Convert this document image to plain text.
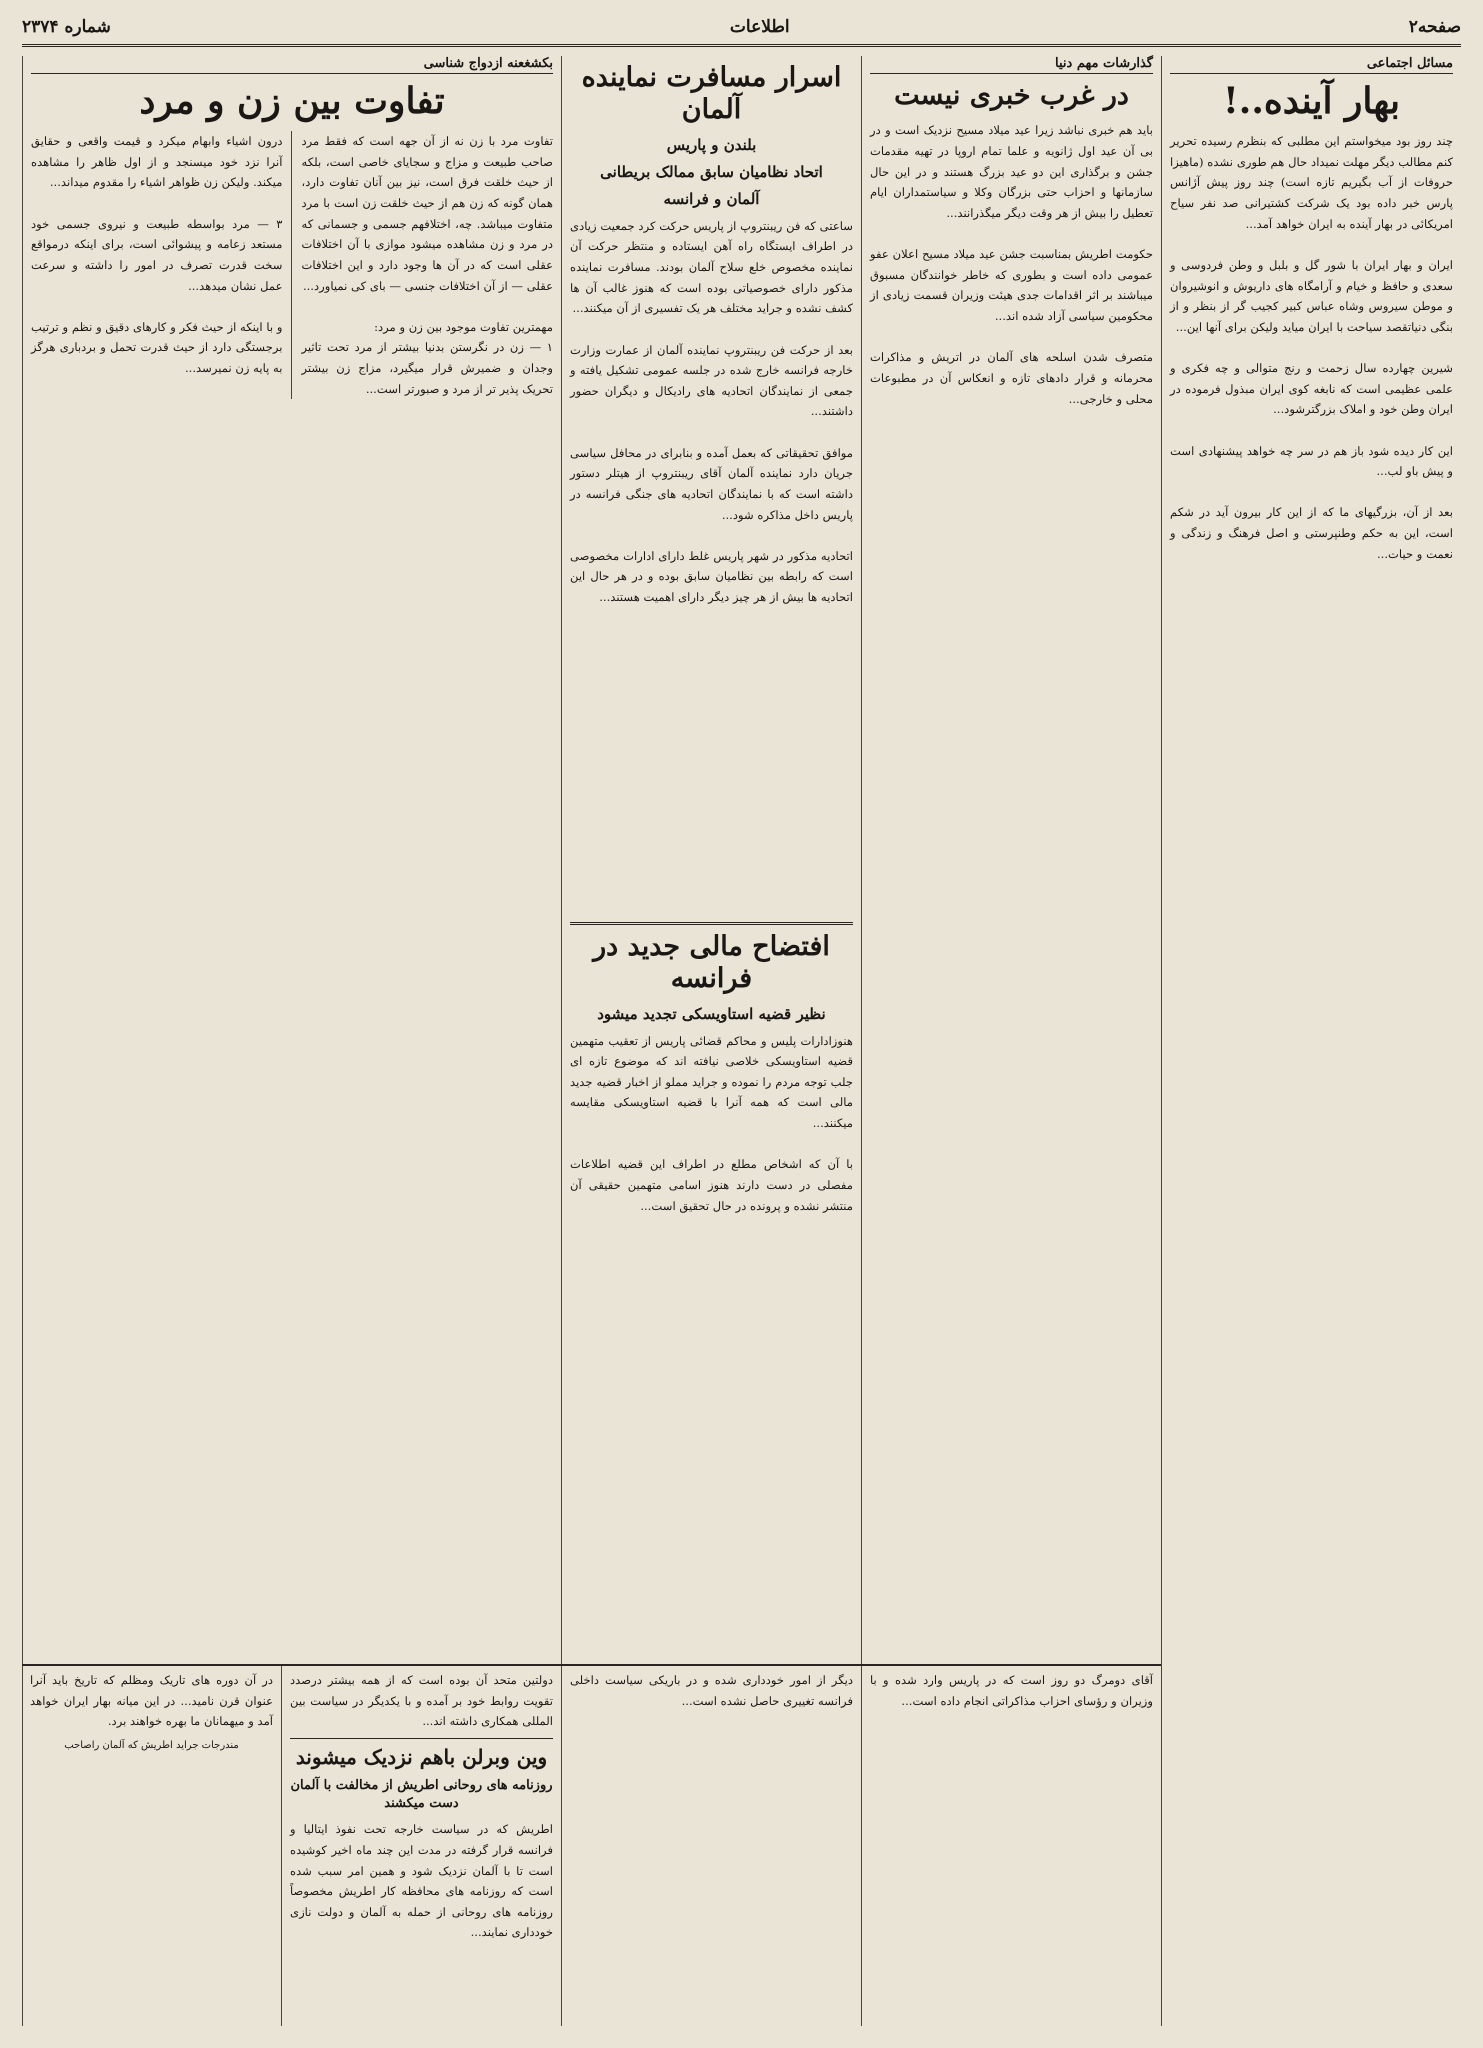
صفحه۲
اطلاعات
شماره ۲۳۷۴
مسائل اجتماعی
بهار آینده..!
چند روز بود میخواستم این مطلبی که بنظرم رسیده تحریر کنم مطالب دیگر مهلت نمیداد حال هم طوری نشده (ماهیزا حروفات از آب بگیریم تازه است) چند روز پیش آژانس پارس خبر داده بود یک شرکت کشتیرانی صد نفر سیاح امریکائی در بهار آینده به ایران خواهد آمد...

ایران و بهار ایران با شور گل و بلبل و وطن فردوسی و سعدی و حافظ و خیام و آرامگاه های داریوش و انوشیروان و موطن سیروس وشاه عباس کبیر کجیب گر از بنظر و از بنگی دنیاتقصد سیاحت با ایران میاید ولیکن برای آنها این...

شیرین چهارده سال زحمت و رنج متوالی و چه فکری و علمی عظیمی است که نابغه کوی ایران مبذول فرموده در ایران وطن خود و املاک بزرگترشود...

این کار دیده شود باز هم در سر چه خواهد پیشنهادی است و پیش باو لب...

بعد از آن، بزرگیهای ما که از این کار بیرون آید در شکم است، این به حکم وطنپرستی و اصل فرهنگ و زندگی و نعمت و حیات...
گذارشات مهم دنیا
در غرب خبری نیست
باید هم خبری نباشد زیرا عید میلاد مسیح نزدیک است و در بی آن عید اول ژانویه و علما تمام اروپا در تهیه مقدمات جشن و برگذاری این دو عید بزرگ هستند و در این حال سازمانها و احزاب حتی بزرگان وکلا و سیاستمداران ایام تعطیل را بیش از هر وقت دیگر میگذرانند...

حکومت اطریش بمناسبت جشن عید میلاد مسیح اعلان عفو عمومی داده است و بطوری که خاطر خوانندگان مسبوق میباشند بر اثر اقدامات جدی هیئت وزیران قسمت زیادی از محکومین سیاسی آزاد شده اند...

متصرف شدن اسلحه های آلمان در اتریش و مذاکرات محرمانه و قرار دادهای تازه و انعکاس آن در مطبوعات محلی و خارجی...
اسرار مسافرت نماینده آلمان
بلندن و پاریس
اتحاد نظامیان سابق ممالک بریطانی
آلمان و فرانسه
ساعتی که فن ریبنتروپ از پاریس حرکت کرد جمعیت زیادی در اطراف ایستگاه راه آهن ایستاده و منتظر حرکت آن نماینده مخصوص خلع سلاح آلمان بودند. مسافرت نماینده مذکور دارای خصوصیاتی بوده است که هنوز غالب آن ها کشف نشده و جراید مختلف هر یک تفسیری از آن میکنند...

بعد از حرکت فن ریبنتروپ نماینده آلمان از عمارت وزارت خارجه فرانسه خارج شده در جلسه عمومی تشکیل یافته و جمعی از نمایندگان اتحادیه های رادیکال و دیگران حضور داشتند...

موافق تحقیقاتی که بعمل آمده و بنابرای در محافل سیاسی جریان دارد نماینده آلمان آقای ریبنتروپ از هیتلر دستور داشته است که با نمایندگان اتحادیه های جنگی فرانسه در پاریس داخل مذاکره شود...

اتحادیه مذکور در شهر پاریس غلط دارای ادارات مخصوصی است که رابطه بین نظامیان سابق بوده و در هر حال این اتحادیه ها بیش از هر چیز دیگر دارای اهمیت هستند...
افتضاح مالی جدید در فرانسه
نظیر قضیه استاویسکی تجدید میشود
هنوزادارات پلیس و محاکم قضائی پاریس از تعقیب متهمین قضیه استاویسکی خلاصی نیافته اند که موضوع تازه ای جلب توجه مردم را نموده و جراید مملو از اخبار قضیه جدید مالی است که همه آنرا با قضیه استاویسکی مقایسه میکنند...

با آن که اشخاص مطلع در اطراف این قضیه اطلاعات مفصلی در دست دارند هنوز اسامی متهمین حقیقی آن منتشر نشده و پرونده در حال تحقیق است...
بکشغعنه ازدواج شناسی
تفاوت بین زن و مرد
تفاوت مرد با زن نه از آن جهه است که فقط مرد صاحب طبیعت و مزاج و سجایای خاصی است، بلکه از حیث خلقت فرق است، نیز بین آنان تفاوت دارد، همان گونه که زن هم از حیث خلقت زن است با مرد متفاوت میباشد. چه، اختلافهم جسمی و جسمانی که در مرد و زن مشاهده میشود موازی با آن اختلافات عقلی است که در آن ها وجود دارد و این اختلافات عقلی — از آن اختلافات جنسی — بای کی نمیاورد...

مهمترین تفاوت موجود بین زن و مرد:
۱ — زن در نگرستن بدنیا بیشتر از مرد تحت تاثیر وجدان و ضمیرش قرار میگیرد، مزاج زن بیشتر تحریک پذیر تر از مرد و صبورتر است...
درون اشیاء وابهام میکرد و قیمت واقعی و حقایق آنرا نزد خود میسنجد و از اول ظاهر را مشاهده میکند. ولیکن زن ظواهر اشیاء را مقدوم میداند...

۳ — مرد بواسطه طبیعت و نیروی جسمی خود مستعد زعامه و پیشوائی است، برای اینکه درمواقع سخت قدرت تصرف در امور را داشته و سرعت عمل نشان میدهد...

و با اینکه از حیث فکر و کارهای دقیق و نظم و ترتیب برجستگی دارد از حیث قدرت تحمل و بردباری هرگز به پایه زن نمیرسد...
آقای دومرگ دو روز است که در پاریس وارد شده و با وزیران و رؤسای احزاب مذاکراتی انجام داده است...
دیگر از امور خودداری شده و در باریکی سیاست داخلی فرانسه تغییری حاصل نشده است...
دولتین متحد آن بوده است که از همه بیشتر درصدد تقویت روابط خود بر آمده و با یکدیگر در سیاست بین المللی همکاری داشته اند...
وین وبرلن باهم نزدیک میشوند
روزنامه های روحانی اطریش از مخالفت با آلمان دست میکشند
اطریش که در سیاست خارجه تحت نفوذ ایتالیا و فرانسه قرار گرفته در مدت این چند ماه اخیر کوشیده است تا با آلمان نزدیک شود و همین امر سبب شده است که روزنامه های محافظه کار اطریش مخصوصاً روزنامه های روحانی از حمله به آلمان و دولت نازی خودداری نمایند...
در آن دوره های تاریک ومظلم که تاریخ باید آنرا عنوان قرن نامید... در این میانه بهار ایران خواهد آمد و میهمانان ما بهره خواهند برد.
مندرجات جراید اطریش که آلمان راصاحب
